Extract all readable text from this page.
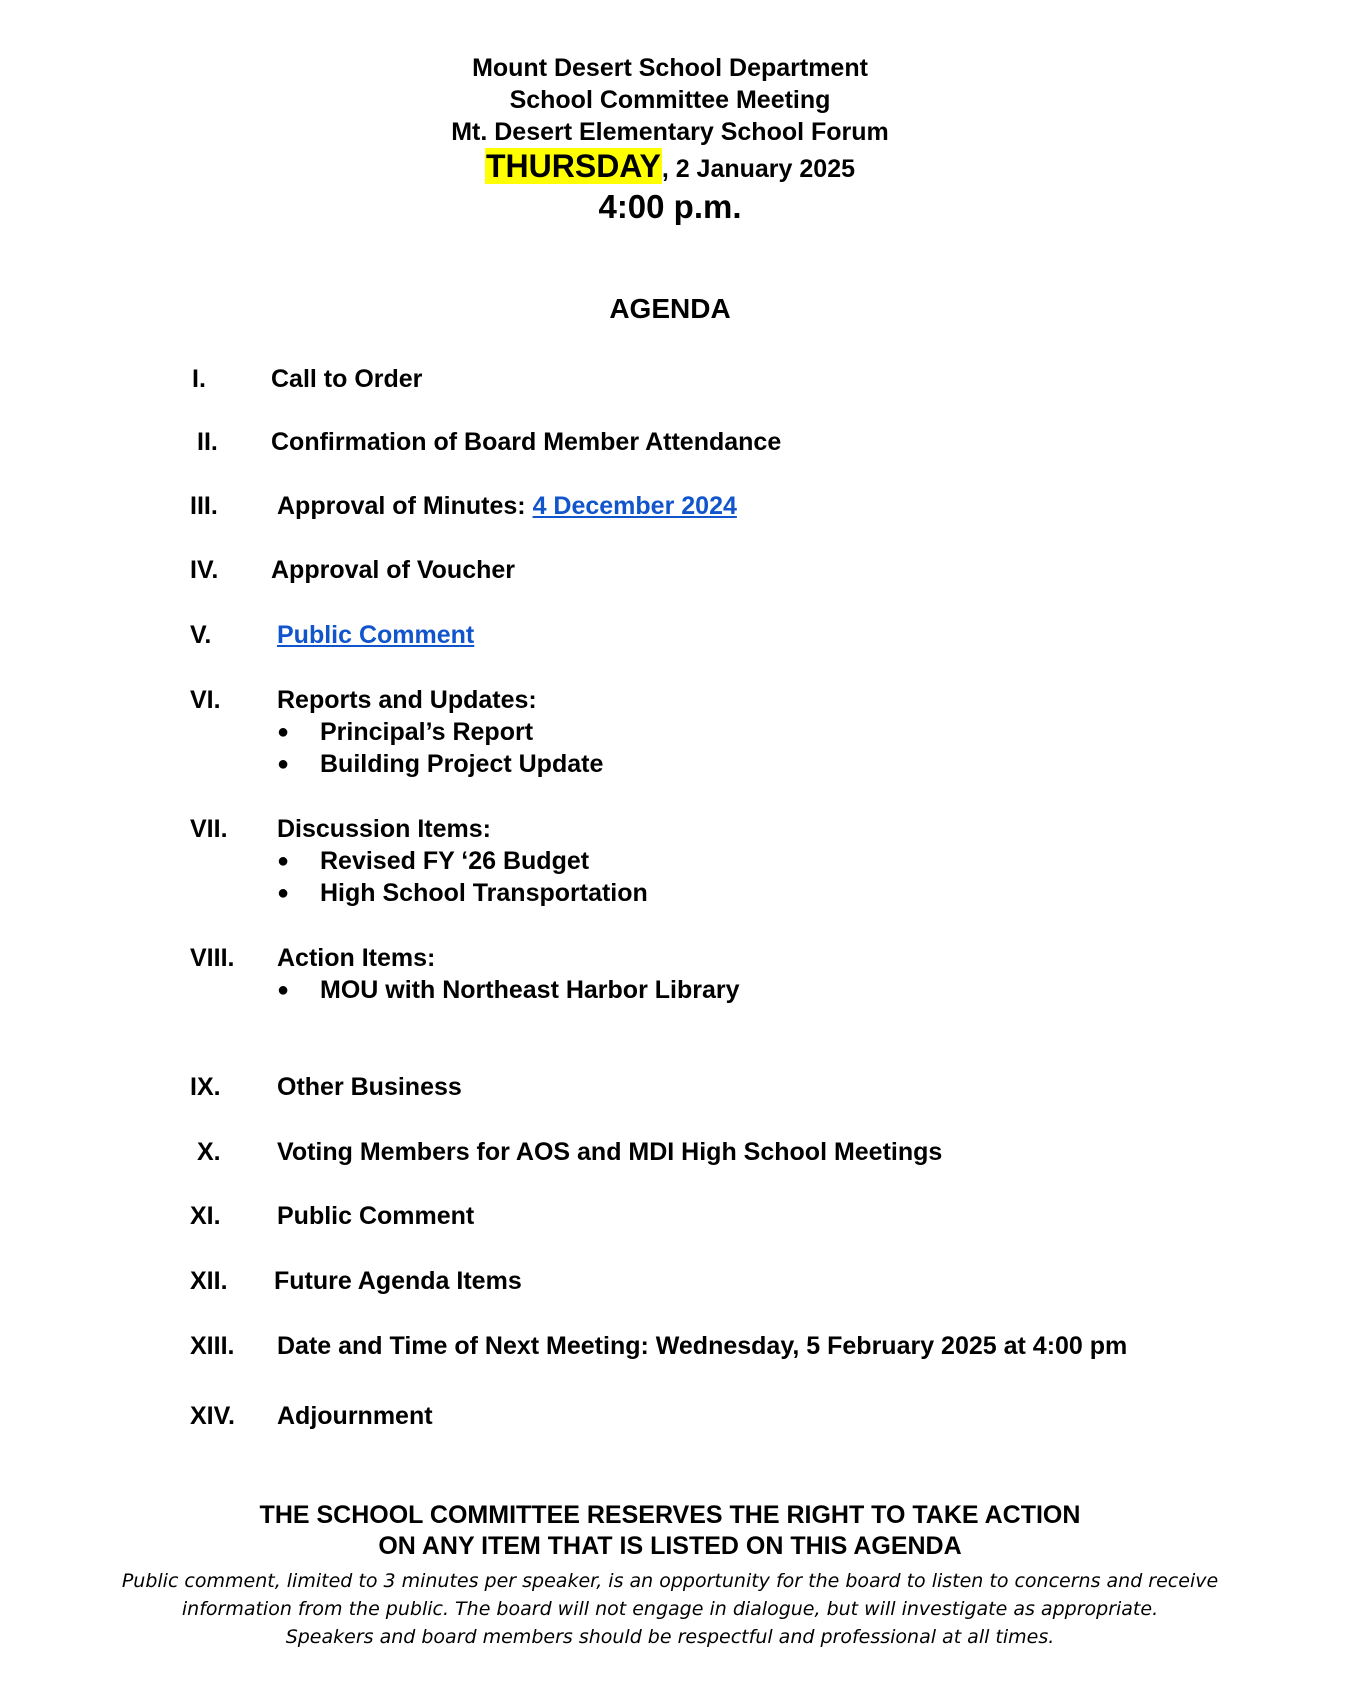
Mount Desert School Department
School Committee Meeting
Mt. Desert Elementary School Forum
THURSDAY, 2 January 2025
4:00 p.m.
AGENDA
I.	Call to Order
II.	Confirmation of Board Member Attendance
III.	Approval of Minutes: 4 December 2024
IV.	Approval of Voucher
V.	Public Comment
VI.	Reports and Updates:
● Principal’s Report
● Building Project Update
VII.	Discussion Items:
● Revised FY ‘26 Budget
● High School Transportation
VIII.	Action Items:
● MOU with Northeast Harbor Library
IX.	Other Business
X.	Voting Members for AOS and MDI High School Meetings
XI.	Public Comment
XII.	Future Agenda Items
XIII.	Date and Time of Next Meeting: Wednesday, 5 February 2025 at 4:00 pm
XIV.	Adjournment
THE SCHOOL COMMITTEE RESERVES THE RIGHT TO TAKE ACTION
ON ANY ITEM THAT IS LISTED ON THIS AGENDA
Public comment, limited to 3 minutes per speaker, is an opportunity for the board to listen to concerns and receive
information from the public. The board will not engage in dialogue, but will investigate as appropriate.
Speakers and board members should be respectful and professional at all times.
